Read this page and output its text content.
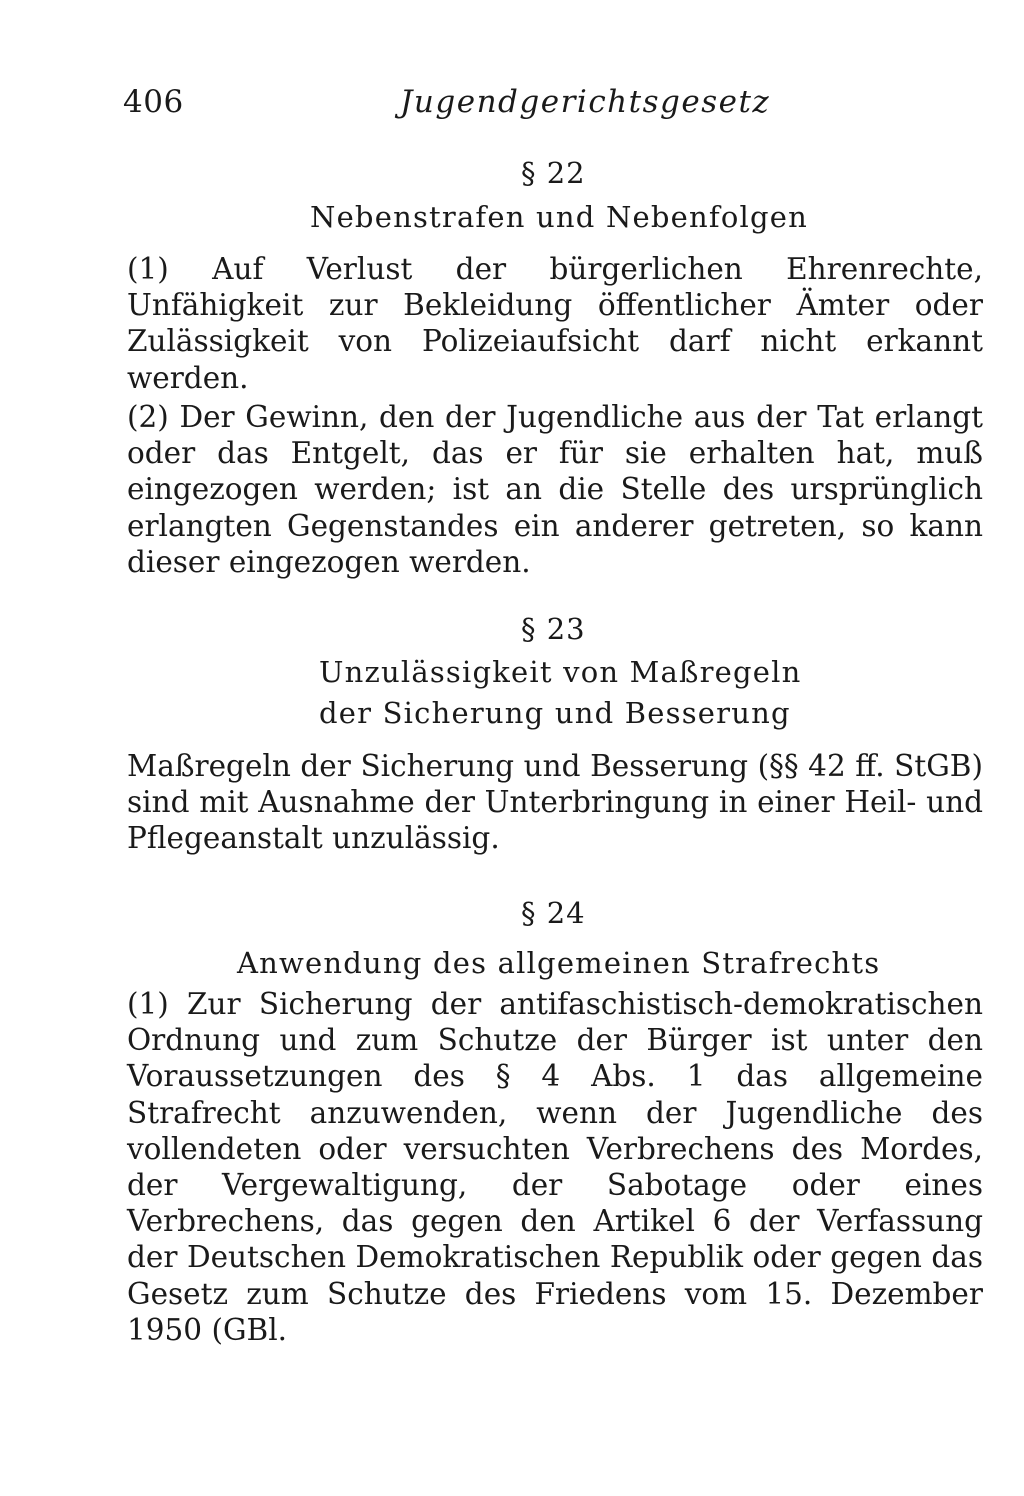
406	Jugendgerichtsgesetz
§ 22
Nebenstrafen und Nebenfolgen
(1) Auf Verlust der bürgerlichen Ehrenrechte, Unfähigkeit zur Bekleidung öffentlicher Ämter oder Zulässigkeit von Polizeiaufsicht darf nicht erkannt werden.
(2) Der Gewinn, den der Jugendliche aus der Tat erlangt oder das Entgelt, das er für sie erhalten hat, muß eingezogen werden; ist an die Stelle des ursprünglich erlangten Gegenstandes ein anderer getreten, so kann dieser eingezogen werden.
§ 23
Unzulässigkeit von Maßregeln
der Sicherung und Besserung
Maßregeln der Sicherung und Besserung (§§ 42 ff. StGB) sind mit Ausnahme der Unterbringung in einer Heil- und Pflegeanstalt unzulässig.
§ 24
Anwendung des allgemeinen Strafrechts
(1) Zur Sicherung der antifaschistisch-demokratischen Ordnung und zum Schutze der Bürger ist unter den Voraussetzungen des § 4 Abs. 1 das allgemeine Strafrecht anzuwenden, wenn der Jugendliche des vollendeten oder versuchten Verbrechens des Mordes, der Vergewaltigung, der Sabotage oder eines Verbrechens, das gegen den Artikel 6 der Verfassung der Deutschen Demokratischen Republik oder gegen das Gesetz zum Schutze des Friedens vom 15. Dezember 1950 (GBl.
